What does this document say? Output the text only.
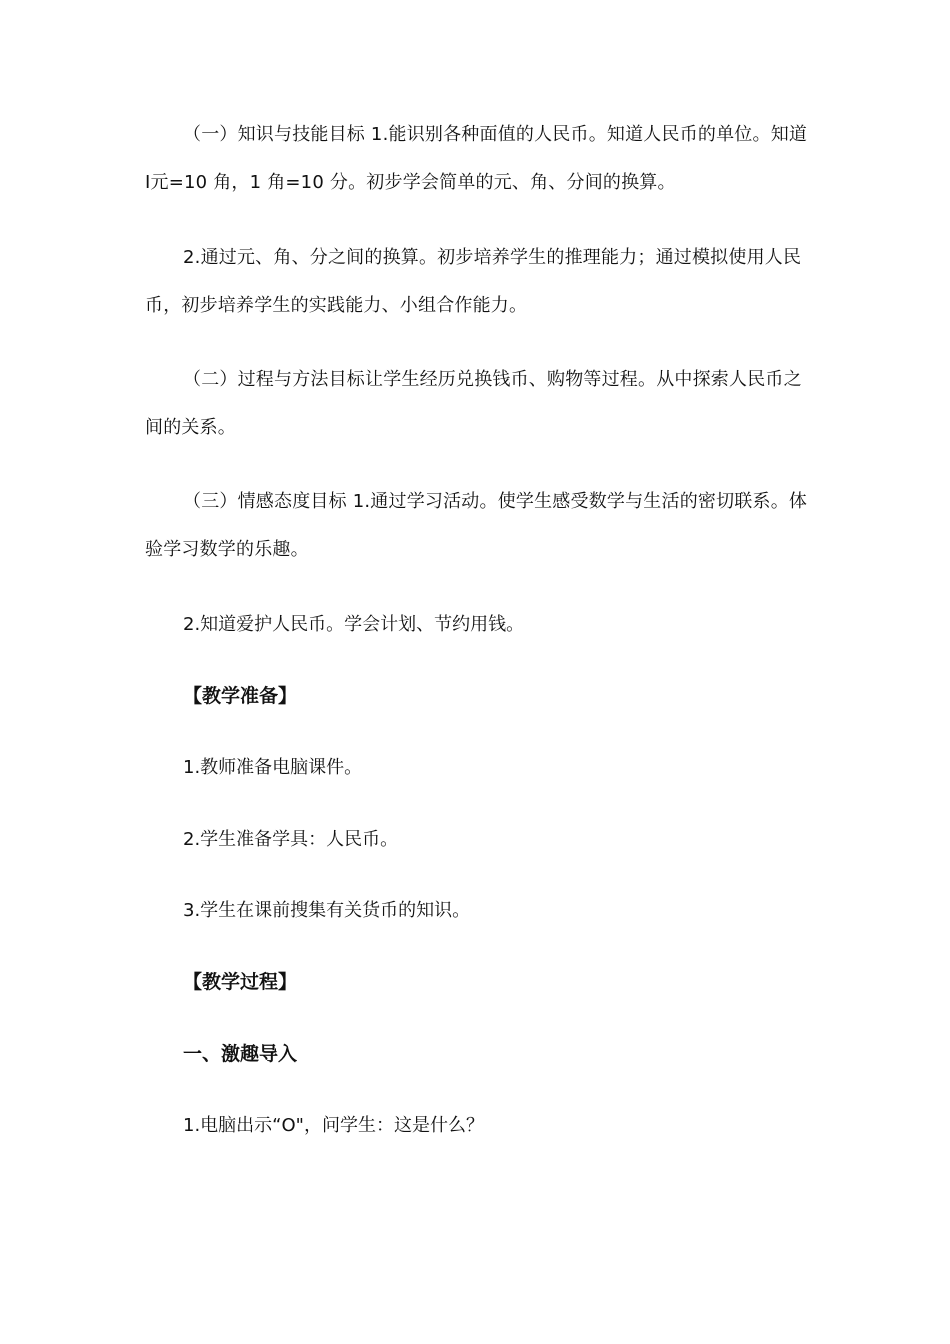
（一）知识与技能目标 1.能识别各种面值的人民币。知道人民币的单位。知道I元=10 角，1 角=10 分。初步学会简单的元、角、分间的换算。

2.通过元、角、分之间的换算。初步培养学生的推理能力；通过模拟使用人民币，初步培养学生的实践能力、小组合作能力。

（二）过程与方法目标让学生经历兑换钱币、购物等过程。从中探索人民币之间的关系。

（三）情感态度目标 1.通过学习活动。使学生感受数学与生活的密切联系。体验学习数学的乐趣。

2.知道爱护人民币。学会计划、节约用钱。

【教学准备】

1.教师准备电脑课件。

2.学生准备学具：人民币。

3.学生在课前搜集有关货币的知识。

【教学过程】

一、激趣导入

1.电脑出示“O"，问学生：这是什么？
